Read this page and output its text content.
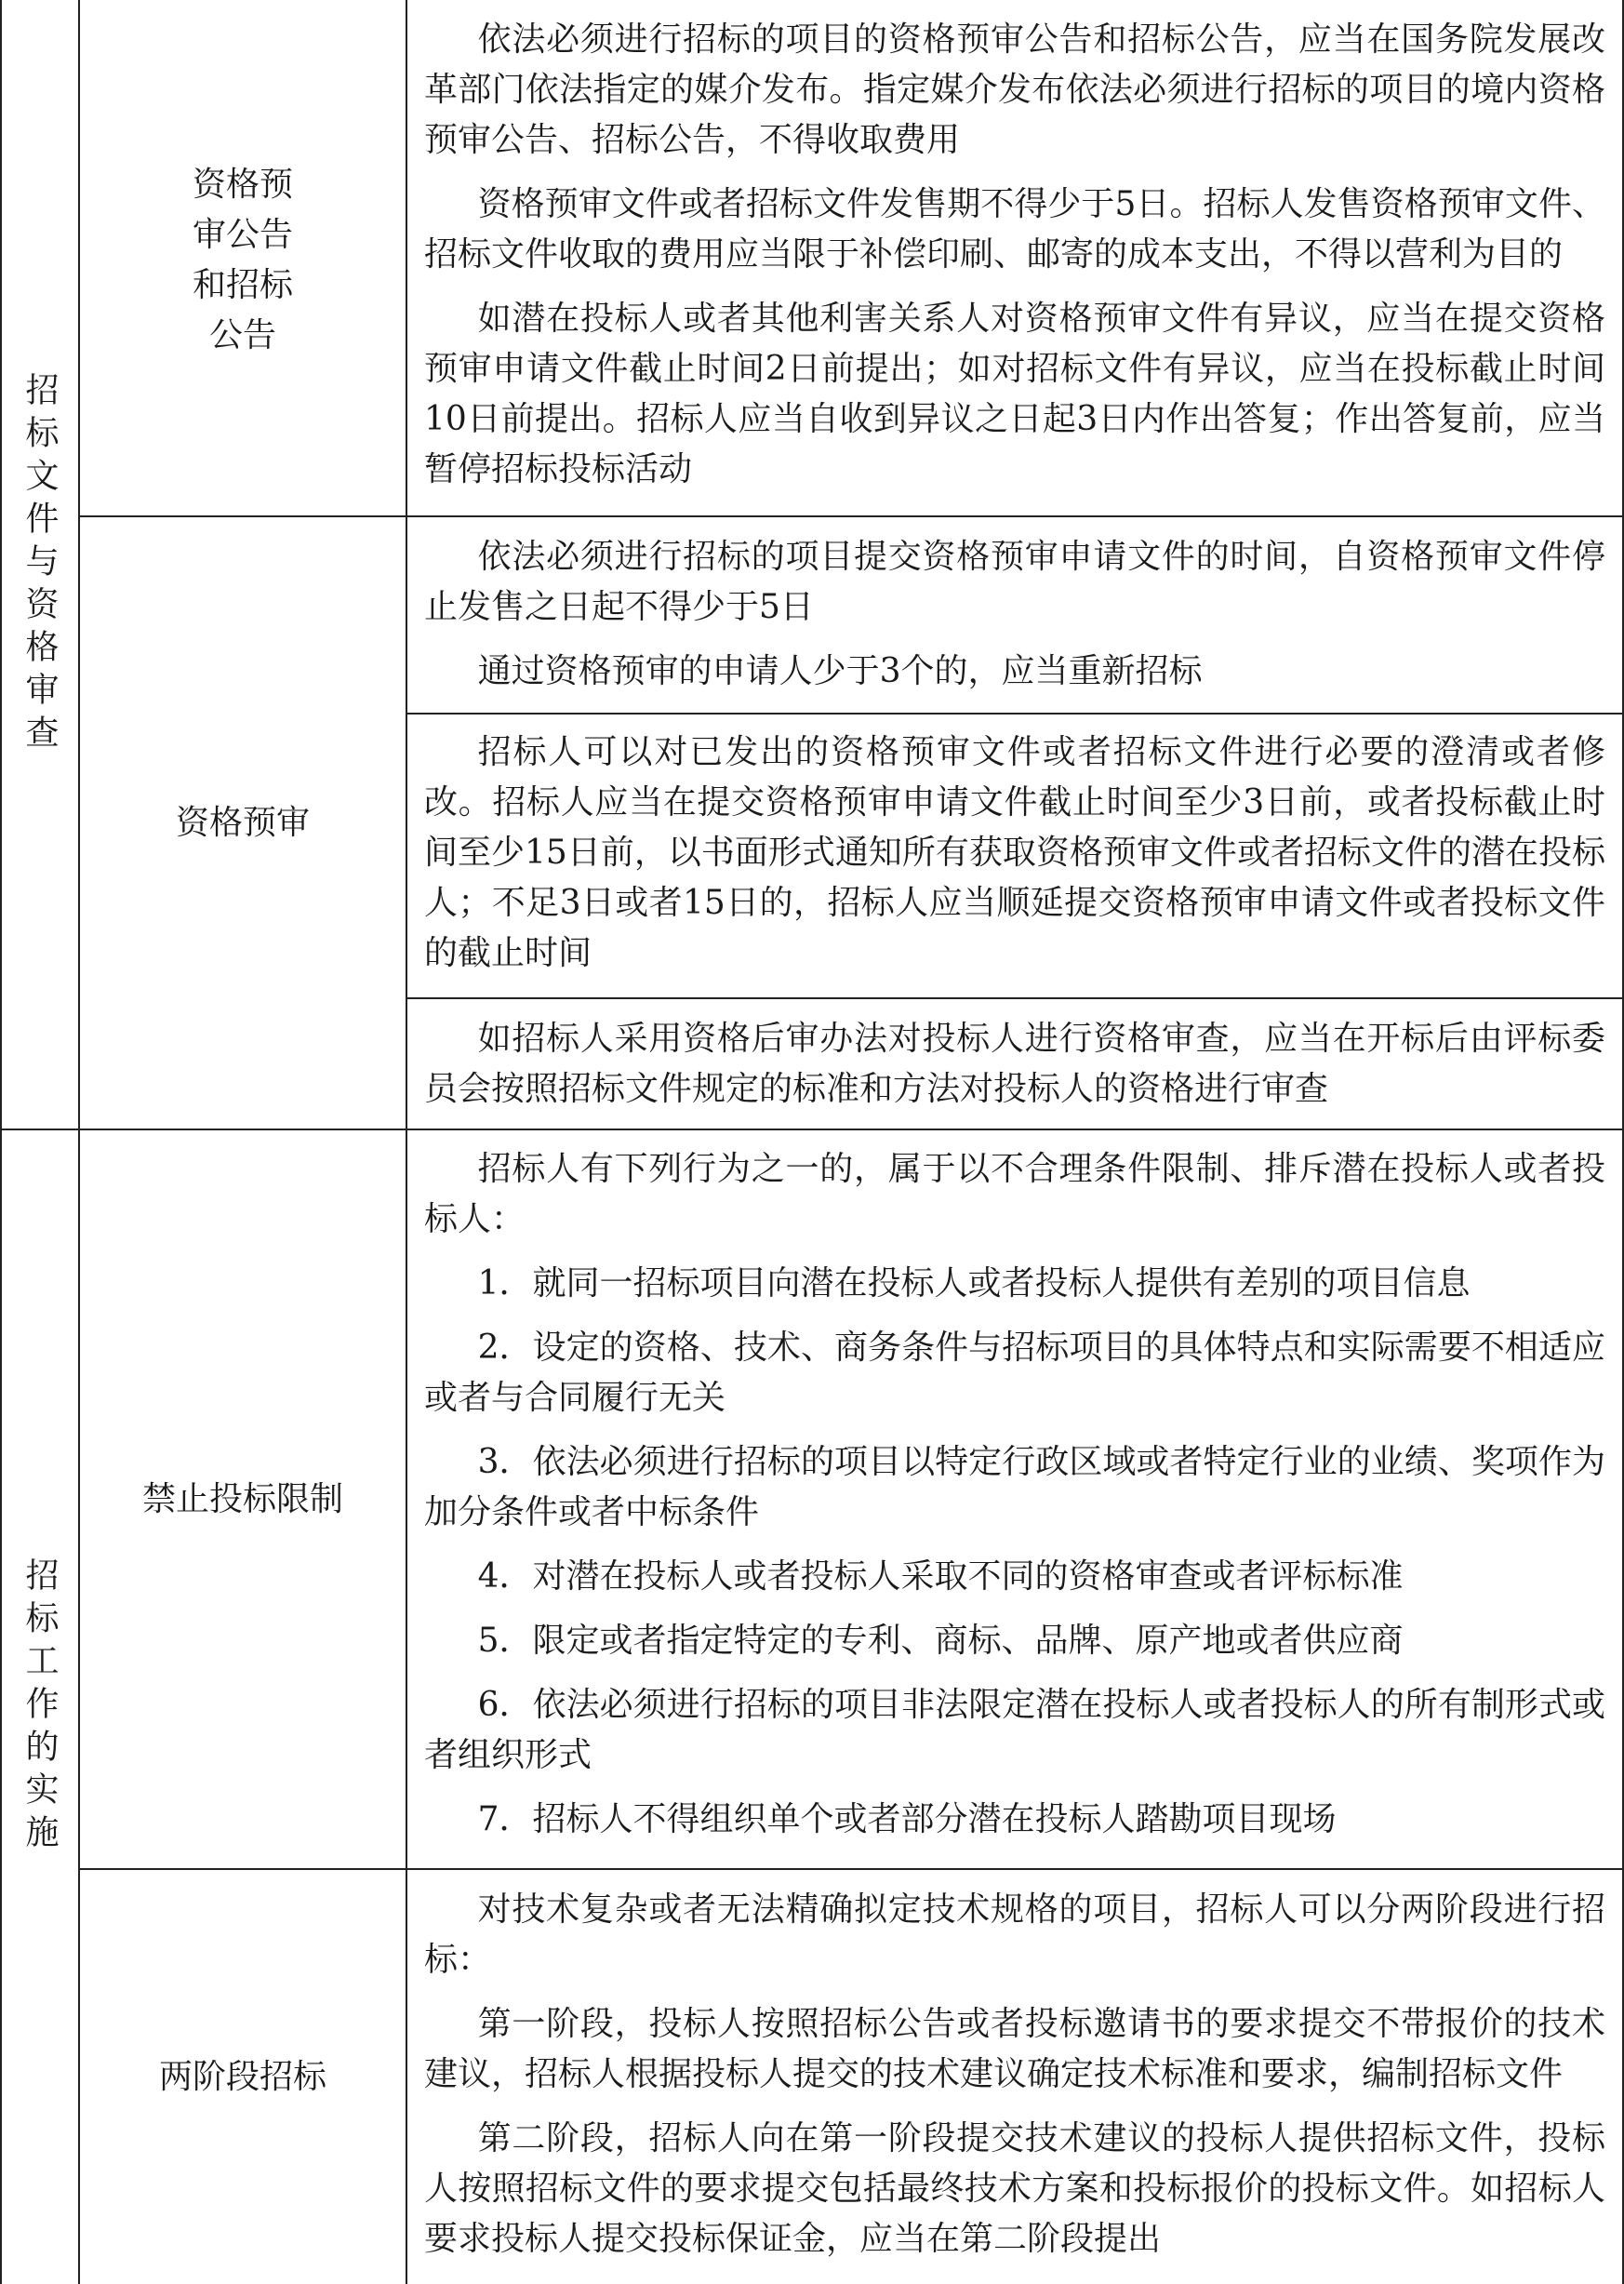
招标文件与资格审查
招标工作的实施
资格预审公告和招标公告
资格预审
禁止投标限制
两阶段招标

依法必须进行招标的项目的资格预审公告和招标公告，应当在国务院发展改革部门依法指定的媒介发布。指定媒介发布依法必须进行招标的项目的境内资格预审公告、招标公告，不得收取费用

资格预审文件或者招标文件发售期不得少于5日。招标人发售资格预审文件、招标文件收取的费用应当限于补偿印刷、邮寄的成本支出，不得以营利为目的

如潜在投标人或者其他利害关系人对资格预审文件有异议，应当在提交资格预审申请文件截止时间2日前提出；如对招标文件有异议，应当在投标截止时间10日前提出。招标人应当自收到异议之日起3日内作出答复；作出答复前，应当暂停招标投标活动

依法必须进行招标的项目提交资格预审申请文件的时间，自资格预审文件停止发售之日起不得少于5日

通过资格预审的申请人少于3个的，应当重新招标

招标人可以对已发出的资格预审文件或者招标文件进行必要的澄清或者修改。招标人应当在提交资格预审申请文件截止时间至少3日前，或者投标截止时间至少15日前，以书面形式通知所有获取资格预审文件或者招标文件的潜在投标人；不足3日或者15日的，招标人应当顺延提交资格预审申请文件或者投标文件的截止时间

如招标人采用资格后审办法对投标人进行资格审查，应当在开标后由评标委员会按照招标文件规定的标准和方法对投标人的资格进行审查

招标人有下列行为之一的，属于以不合理条件限制、排斥潜在投标人或者投标人：

1．就同一招标项目向潜在投标人或者投标人提供有差别的项目信息

2．设定的资格、技术、商务条件与招标项目的具体特点和实际需要不相适应或者与合同履行无关

3．依法必须进行招标的项目以特定行政区域或者特定行业的业绩、奖项作为加分条件或者中标条件

4．对潜在投标人或者投标人采取不同的资格审查或者评标标准

5．限定或者指定特定的专利、商标、品牌、原产地或者供应商

6．依法必须进行招标的项目非法限定潜在投标人或者投标人的所有制形式或者组织形式

7．招标人不得组织单个或者部分潜在投标人踏勘项目现场

对技术复杂或者无法精确拟定技术规格的项目，招标人可以分两阶段进行招标：

第一阶段，投标人按照招标公告或者投标邀请书的要求提交不带报价的技术建议，招标人根据投标人提交的技术建议确定技术标准和要求，编制招标文件

第二阶段，招标人向在第一阶段提交技术建议的投标人提供招标文件，投标人按照招标文件的要求提交包括最终技术方案和投标报价的投标文件。如招标人要求投标人提交投标保证金，应当在第二阶段提出
